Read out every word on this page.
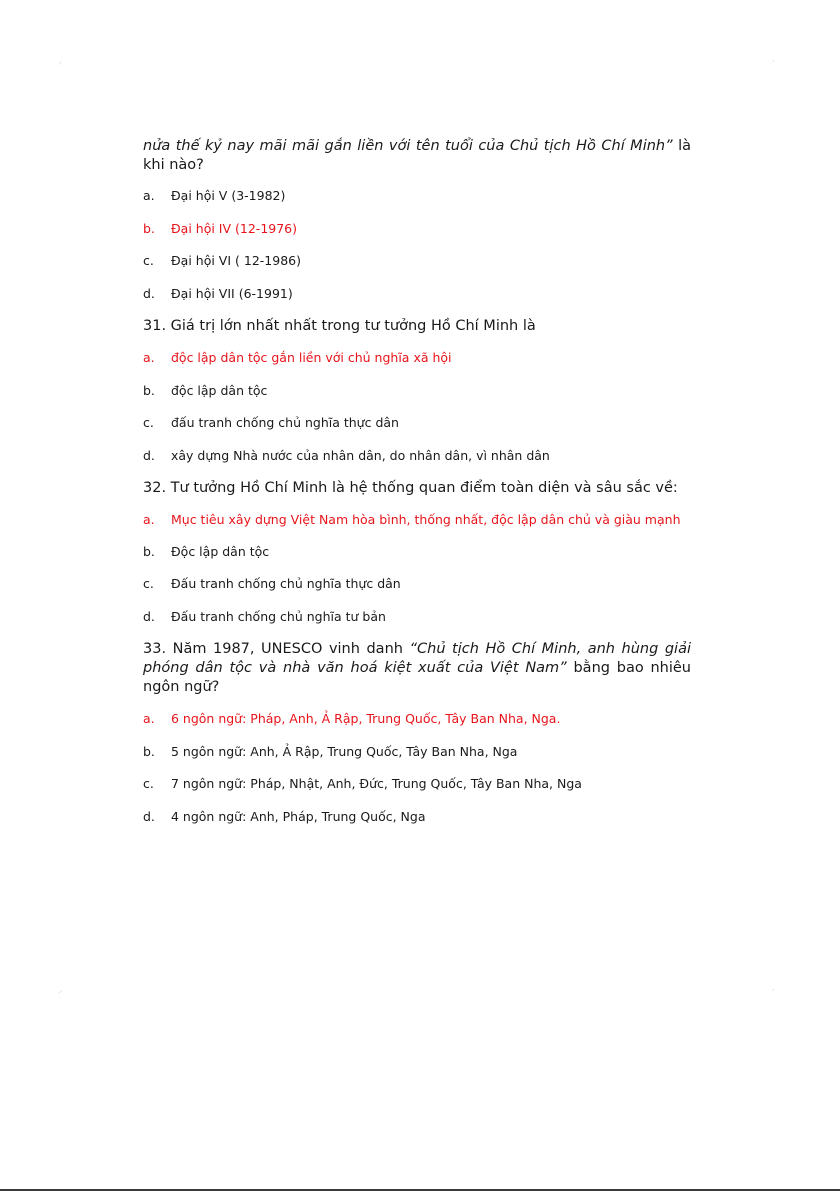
⸝	·
⸝	·

nửa thế kỷ nay mãi mãi gắn liền với tên tuổi của Chủ tịch Hồ Chí Minh” là khi nào?

a.	Đại hội V (3-1982)
b.	Đại hội IV (12-1976)
c.	Đại hội VI ( 12-1986)
d.	Đại hội VII (6-1991)

31. Giá trị lớn nhất nhất trong tư tưởng Hồ Chí Minh là

a.	độc lập dân tộc gắn liền với chủ nghĩa xã hội
b.	độc lập dân tộc
c.	đấu tranh chống chủ nghĩa thực dân
d.	xây dựng Nhà nước của nhân dân, do nhân dân, vì nhân dân

32. Tư tưởng Hồ Chí Minh là hệ thống quan điểm toàn diện và sâu sắc về:

a. Mục tiêu xây dựng Việt Nam hòa bình, thống nhất, độc lập dân chủ và giàu mạnh
b.	Độc lập dân tộc
c.	Đấu tranh chống chủ nghĩa thực dân
d.	Đấu tranh chống chủ nghĩa tư bản

33. Năm 1987, UNESCO vinh danh “Chủ tịch Hồ Chí Minh, anh hùng giải phóng dân tộc và nhà văn hoá kiệt xuất của Việt Nam” bằng bao nhiêu ngôn ngữ?

a.	6 ngôn ngữ: Pháp, Anh, Ả Rập, Trung Quốc, Tây Ban Nha, Nga.
b.	5 ngôn ngữ: Anh, Ả Rập, Trung Quốc, Tây Ban Nha, Nga
c.	7 ngôn ngữ: Pháp, Nhật, Anh, Đức, Trung Quốc, Tây Ban Nha, Nga
d.	4 ngôn ngữ: Anh, Pháp, Trung Quốc, Nga
